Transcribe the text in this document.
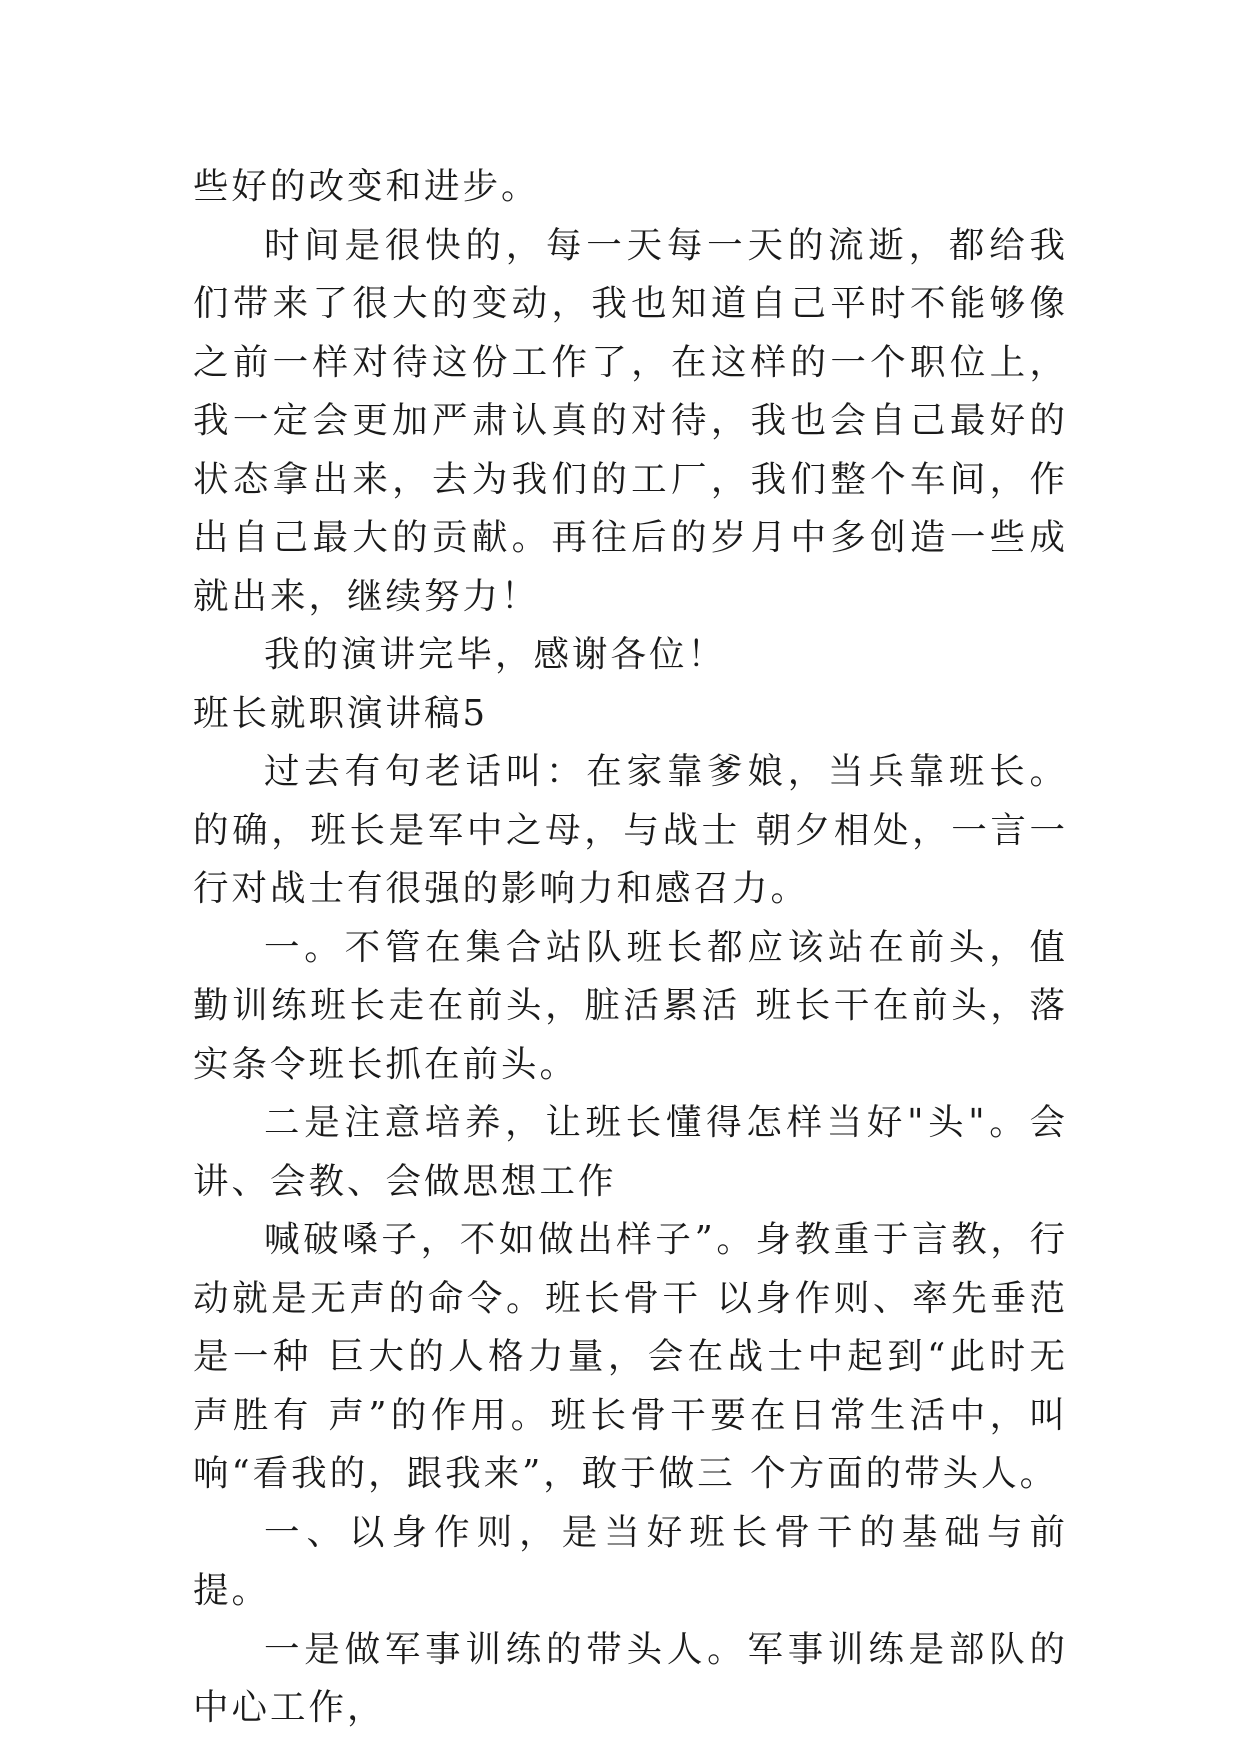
些好的改变和进步。

时间是很快的，每一天每一天的流逝，都给我们带来了很大的变动，我也知道自己平时不能够像之前一样对待这份工作了，在这样的一个职位上，我一定会更加严肃认真的对待，我也会自己最好的状态拿出来，去为我们的工厂，我们整个车间，作出自己最大的贡献。再往后的岁月中多创造一些成就出来，继续努力！

我的演讲完毕，感谢各位！

班长就职演讲稿5

过去有句老话叫：在家靠爹娘，当兵靠班长。的确，班长是军中之母，与战士 朝夕相处，一言一行对战士有很强的影响力和感召力。

一。不管在集合站队班长都应该站在前头，值勤训练班长走在前头，脏活累活 班长干在前头，落实条令班长抓在前头。

二是注意培养，让班长懂得怎样当好"头"。会讲、会教、会做思想工作

喊破嗓子，不如做出样子”。身教重于言教，行动就是无声的命令。班长骨干 以身作则、率先垂范是一种 巨大的人格力量，会在战士中起到“此时无声胜有 声”的作用。班长骨干要在日常生活中，叫响“看我的，跟我来”，敢于做三 个方面的带头人。

一、以身作则，是当好班长骨干的基础与前提。

一是做军事训练的带头人。军事训练是部队的中心工作，
